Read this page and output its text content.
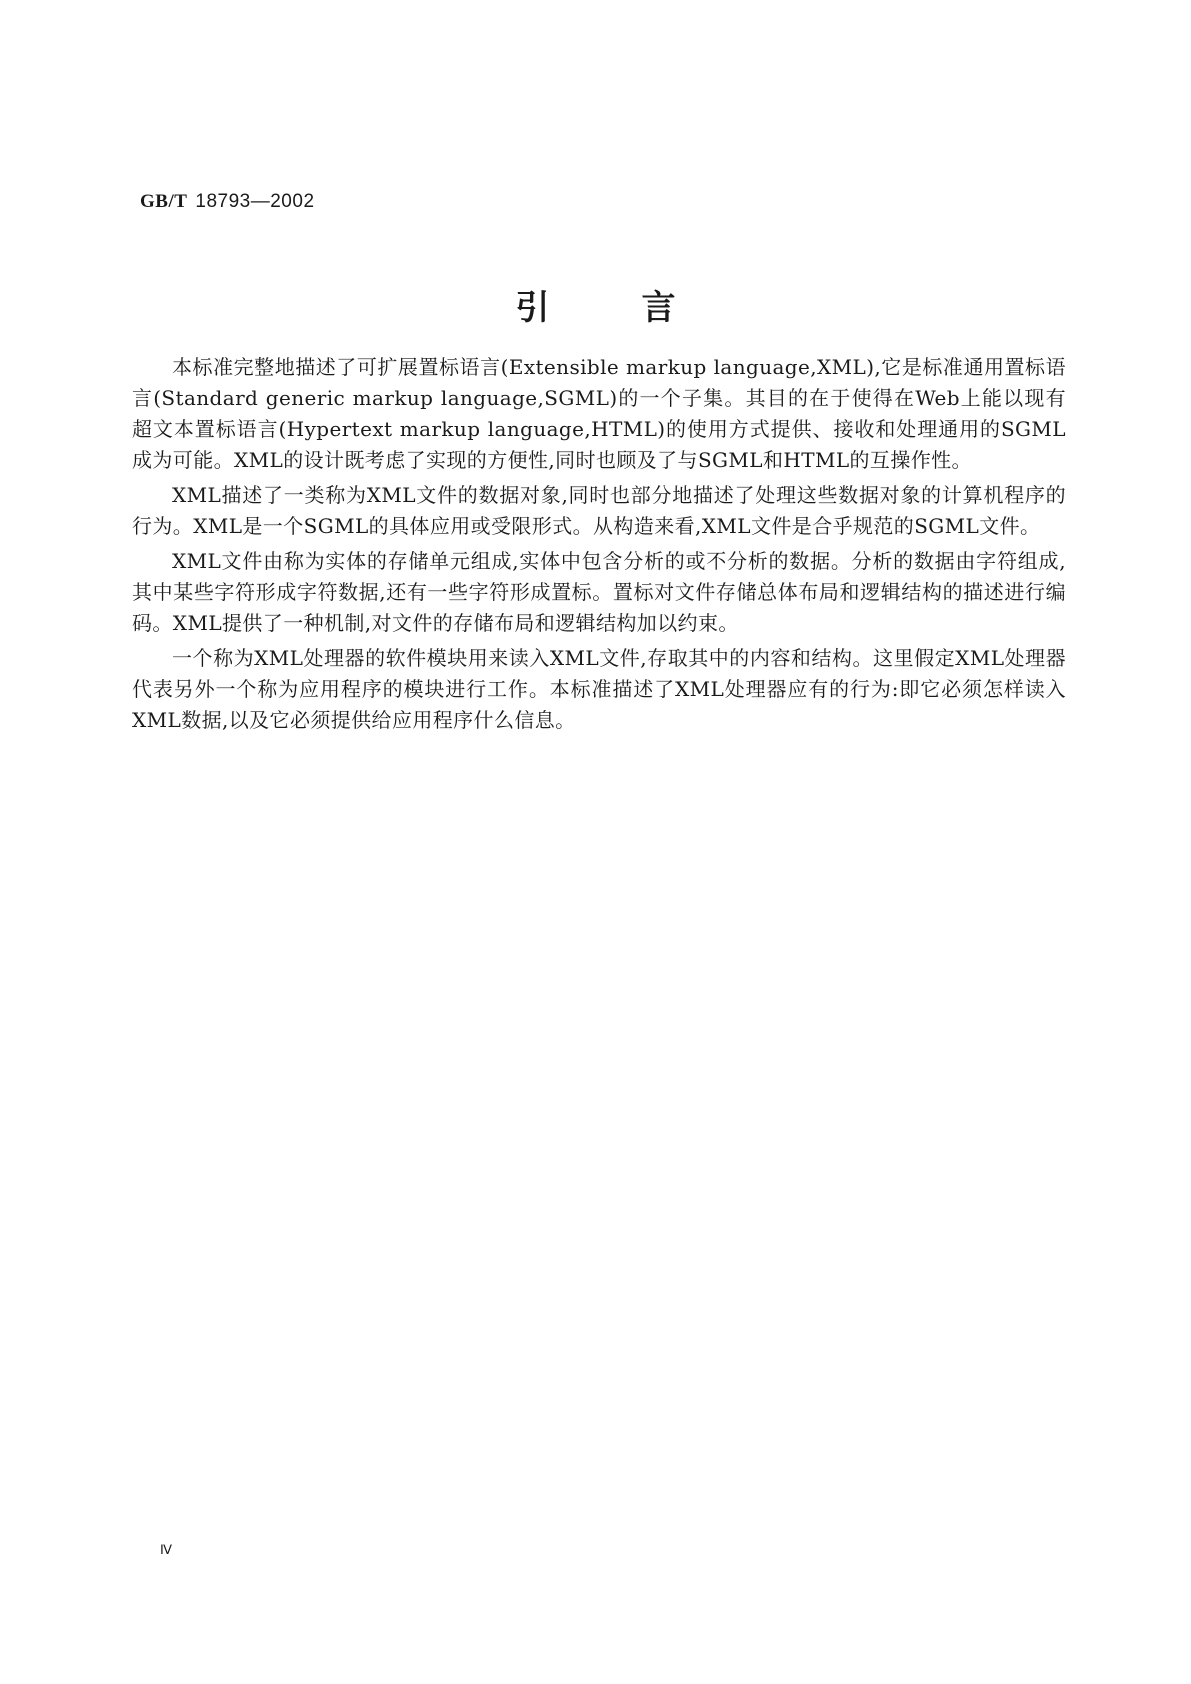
GB/T 18793—2002
引言

本标准完整地描述了可扩展置标语言(Extensible markup language,XML),它是标准通用置标语言(Standard generic markup language,SGML)的一个子集。其目的在于使得在Web上能以现有超文本置标语言(Hypertext markup language,HTML)的使用方式提供、接收和处理通用的SGML成为可能。XML的设计既考虑了实现的方便性,同时也顾及了与SGML和HTML的互操作性。

XML描述了一类称为XML文件的数据对象,同时也部分地描述了处理这些数据对象的计算机程序的行为。XML是一个SGML的具体应用或受限形式。从构造来看,XML文件是合乎规范的SGML文件。

XML文件由称为实体的存储单元组成,实体中包含分析的或不分析的数据。分析的数据由字符组成,其中某些字符形成字符数据,还有一些字符形成置标。置标对文件存储总体布局和逻辑结构的描述进行编码。XML提供了一种机制,对文件的存储布局和逻辑结构加以约束。

一个称为XML处理器的软件模块用来读入XML文件,存取其中的内容和结构。这里假定XML处理器代表另外一个称为应用程序的模块进行工作。本标准描述了XML处理器应有的行为:即它必须怎样读入XML数据,以及它必须提供给应用程序什么信息。

Ⅳ
